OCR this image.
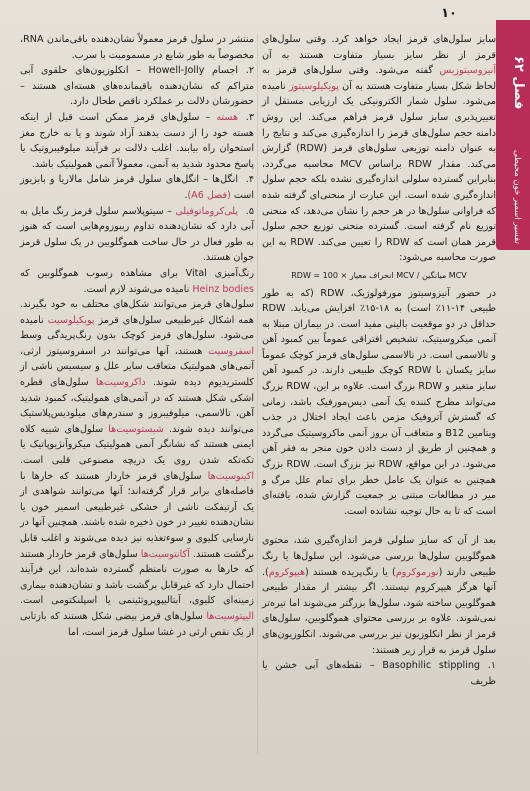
۱۰
فصل ۶۲
تفسیر اسمیر خون محیطی

سایز سلول‌های قرمز ایجاد خواهد کرد. وقتی سلول‌های قرمز از نظر سایز بسیار متفاوت هستند به آن آنیزوسیتوزیس گفته می‌شود. وقتی سلول‌های قرمز به لحاظ شکل بسیار متفاوت هستند به آن پویکیلوسیتوز نامیده می‌شود. سلول شمار الکترونیکی یک ارزیابی مستقل از تغییرپذیری سایز سلول قرمز فراهم می‌کند. این روش دامنه حجم سلول‌های قرمز را اندازه‌گیری می‌کند و نتایج را به عنوان دامنه توزیعی سلول‌های قرمز (RDW) گزارش می‌کند. مقدار RDW براساس MCV محاسبه می‌گردد، بنابراین گسترده سلولی اندازه‌گیری نشده بلکه حجم سلول اندازه‌گیری شده است. این عبارت از منحنی‌ای گرفته شده که فراوانی سلول‌ها در هر حجم را نشان می‌دهد، که منحنی توزیع نام گرفته است. گسترده منحنی توزیع حجم سلول قرمز همان است که RDW را تعیین می‌کند. RDW به این صورت محاسبه می‌شود:

RDW = 100 × انحراف معیار MCV / میانگین MCV

در حضور آنیزوسیتوز مورفولوژیک، RDW (که به طور طبیعی ۱۴-۱۱٪ است) به ۱۸-۱۵٪ افزایش می‌یابد. RDW حداقل در دو موقعیت بالینی مفید است. در بیماران مبتلا به آنمی میکروسیتیک، تشخیص افتراقی عموماً بین کمبود آهن و تالاسمی است. در تالاسمی سلول‌های قرمز کوچک عموماً سایز یکسان با RDW کوچک طبیعی دارند. در کمبود آهن سایز متغیر و RDW بزرگ است. علاوه بر این، RDW بزرگ می‌تواند مطرح کننده یک آنمی دیس‌مورفیک باشد، زمانی که گسترش آتروفیک مزمن باعث ایجاد اختلال در جذب ویتامین B12 و متعاقب آن بروز آنمی ماکروسیتیک می‌گردد و همچنین از طریق از دست دادن خون منجر به فقر آهن می‌شود. در این مواقع، RDW نیز بزرگ است. RDW بزرگ همچنین به عنوان یک عامل خطر برای تمام علل مرگ و میر در مطالعات مبتنی بر جمعیت گزارش شده، یافته‌ای است که تا به حال توجیه نشانده است.

بعد از آن که سایز سلولی قرمز اندازه‌گیری شد، محتوی هموگلوبین سلول‌ها بررسی می‌شود. این سلول‌ها یا رنگ طبیعی دارند (نورموکروم) یا رنگ‌پریده هستند (هیپوکروم). آنها هرگز هیپرکروم نیستند. اگر بیشتر از مقدار طبیعی هموگلوبین ساخته شود، سلول‌ها بزرگتر می‌شوند اما تیره‌تر نمی‌شوند. علاوه بر بررسی محتوای هموگلوبین، سلول‌های قرمز از نظر انکلوزیون نیز بررسی می‌شوند. انکلوزیون‌های سلول قرمز به قرار زیر هستند:

۱.Basophilic stippling – نقطه‌های آبی خشن یا ظریف

منتشر در سلول قرمز معمولاً نشان‌دهنده باقی‌ماندن RNA، مخصوصاً به طور شایع در مسمومیت با سرب.

۲.اجسام Howell-Jolly – انکلوزیون‌های حلقوی آبی متراکم که نشان‌دهنده باقیمانده‌های هسته‌ای هستند – حضورشان دلالت بر عملکرد ناقص طحال دارد.

۳.هسته – سلول‌های قرمز ممکن است قبل از اینکه هسته خود را از دست بدهند آزاد شوند و یا به خارج مغز استخوان راه بیابند. اغلب دلالت بر فرآیند میلوفیبروتیک یا پاسخ محدود شدید به آنمی، معمولاً آنمی همولیتیک باشد.

۴.انگل‌ها – انگل‌های سلول قرمز شامل مالاریا و بابزیوز است (فصل A6).

۵.پلی‌کروماتوفیلی – سیتوپلاسم سلول قرمز رنگ مایل به آبی دارد که نشان‌دهنده تداوم ریبوزوم‌هایی است که هنوز به طور فعال در حال ساخت هموگلوبین در یک سلول قرمز جوان هستند.

رنگ‌آمیزی Vital برای مشاهده رسوب هموگلوبین که Heinz bodies نامیده می‌شوند لازم است.

سلول‌های قرمز می‌توانند شکل‌های مختلف به خود بگیرند. همه اشکال غیرطبیعی سلول‌های قرمز پویکیلوسیت نامیده می‌شود. سلول‌های قرمز کوچک بدون رنگ‌پریدگی وسط اسفروسیت هستند، آنها می‌توانند در اسفروسیتوز ارثی، آنمی‌های همولیتیک متعاقب سایر علل و سیسیس ناشی از کلستریدیوم دیده شوند. داکروسیت‌ها سلول‌های قطره اشکی شکل هستند که در آنمی‌های همولیتیک، کمبود شدید آهن، تالاسمی، میلوفیبروز و سندرم‌های میلودیس‌پلاستیک می‌توانند دیده شوند. شیستوسیت‌ها سلول‌های شبیه کلاه ایمنی هستند که نشانگر آنمی همولیتیک میکروآنژیوپاتیک یا تکه‌تکه شدن روی یک دریچه مصنوعی قلبی است. اکینوسیت‌ها سلول‌های قرمز خاردار هستند که خارها با فاصله‌های برابر قرار گرفته‌اند؛ آنها می‌توانند شواهدی از یک آرتیفکت ناشی از خشکی غیرطبیعی اسمیر خون یا نشان‌دهنده تغییر در خون ذخیره شده باشند. همچنین آنها در نارسایی کلیوی و سوءتغذیه نیز دیده می‌شوند و اغلب قابل برگشت هستند. آکانتوسیت‌ها سلول‌های قرمز خاردار هستند که خارها به صورت نامنظم گسترده شده‌اند. این فرآیند احتمال دارد که غیرقابل برگشت باشد و نشان‌دهنده بیماری زمینه‌ای کلیوی، آبتالیپوپروتئینمی یا اسپلنکتومی است. الیپتوسیت‌ها سلول‌های قرمز بیضی شکل هستند که بازتابی از یک نقص ارثی در غشا سلول قرمز است، اما
